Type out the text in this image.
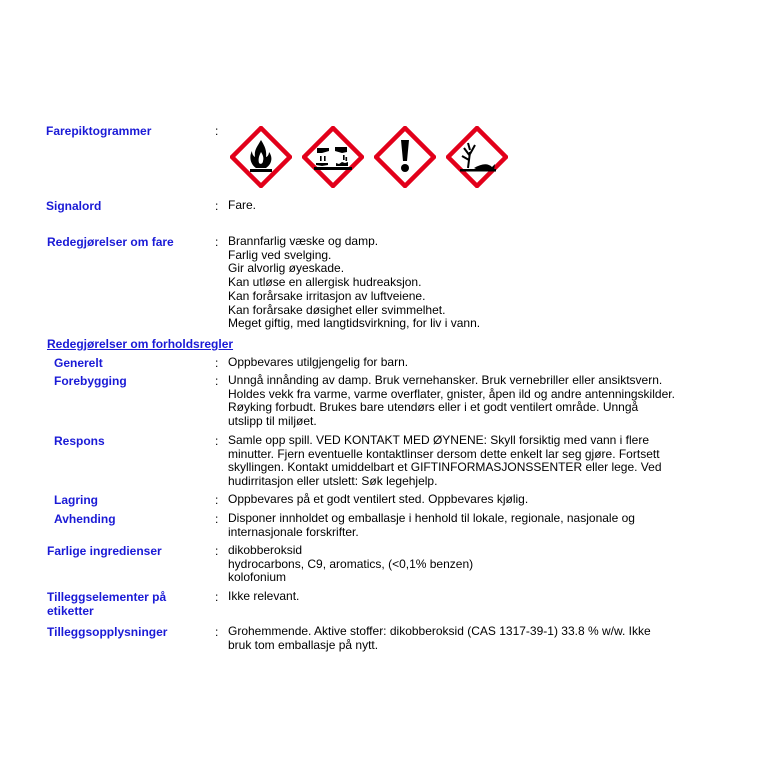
Farepiktogrammer	:
Signalord	: Fare.
Redegjørelser om fare	: Brannfarlig væske og damp.
Farlig ved svelging.
Gir alvorlig øyeskade.
Kan utløse en allergisk hudreaksjon.
Kan forårsake irritasjon av luftveiene.
Kan forårsake døsighet eller svimmelhet.
Meget giftig, med langtidsvirkning, for liv i vann.
Redegjørelser om forholdsregler
Generelt	: Oppbevares utilgjengelig for barn.
Forebygging	: Unngå innånding av damp. Bruk vernehansker. Bruk vernebriller eller ansiktsvern.
Holdes vekk fra varme, varme overflater, gnister, åpen ild og andre antenningskilder.
Røyking forbudt. Brukes bare utendørs eller i et godt ventilert område. Unngå
utslipp til miljøet.
Respons	: Samle opp spill. VED KONTAKT MED ØYNENE: Skyll forsiktig med vann i flere
minutter. Fjern eventuelle kontaktlinser dersom dette enkelt lar seg gjøre. Fortsett
skyllingen. Kontakt umiddelbart et GIFTINFORMASJONSSENTER eller lege. Ved
hudirritasjon eller utslett: Søk legehjelp.
Lagring	: Oppbevares på et godt ventilert sted. Oppbevares kjølig.
Avhending	: Disponer innholdet og emballasje i henhold til lokale, regionale, nasjonale og
internasjonale forskrifter.
Farlige ingredienser	: dikobberoksid
hydrocarbons, C9, aromatics, (<0,1% benzen)
kolofonium
Tilleggselementer på
etiketter
: Ikke relevant.
Tilleggsopplysninger	: Grohemmende. Aktive stoffer: dikobberoksid (CAS 1317-39-1) 33.8 % w/w. Ikke
bruk tom emballasje på nytt.
